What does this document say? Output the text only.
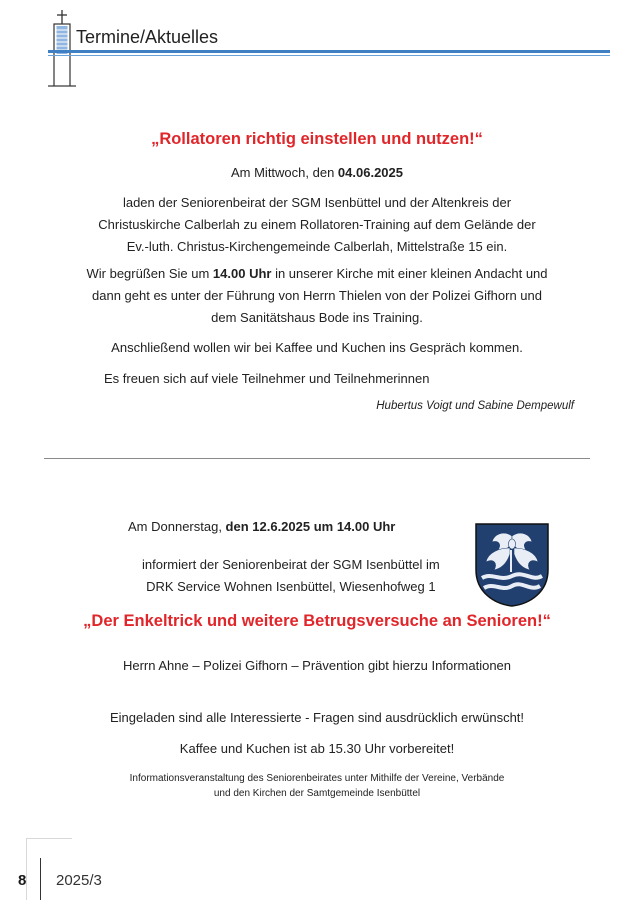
Termine/Aktuelles
„Rollatoren richtig einstellen und nutzen!“
Am Mittwoch, den 04.06.2025
laden der Seniorenbeirat der SGM Isenbüttel und der Altenkreis der
Christuskirche Calberlah zu einem Rollatoren-Training auf dem Gelände der
Ev.-luth. Christus-Kirchengemeinde Calberlah, Mittelstraße 15 ein.
Wir begrüßen Sie um 14.00 Uhr in unserer Kirche mit einer kleinen Andacht und
dann geht es unter der Führung von Herrn Thielen von der Polizei Gifhorn und
dem Sanitätshaus Bode ins Training.
Anschließend wollen wir bei Kaffee und Kuchen ins Gespräch kommen.
Es freuen sich auf viele Teilnehmer und Teilnehmerinnen
Hubertus Voigt und Sabine Dempewulf
Am Donnerstag, den 12.6.2025 um 14.00 Uhr
informiert der Seniorenbeirat der SGM Isenbüttel im
DRK Service Wohnen Isenbüttel, Wiesenhofweg 1
„Der Enkeltrick und weitere Betrugsversuche an Senioren!“
Herrn Ahne – Polizei Gifhorn – Prävention gibt hierzu Informationen
Eingeladen sind alle Interessierte - Fragen sind ausdrücklich erwünscht!
Kaffee und Kuchen ist ab 15.30 Uhr vorbereitet!
Informationsveranstaltung des Seniorenbeirates unter Mithilfe der Vereine, Verbände
und den Kirchen der Samtgemeinde Isenbüttel
8 2025/3
